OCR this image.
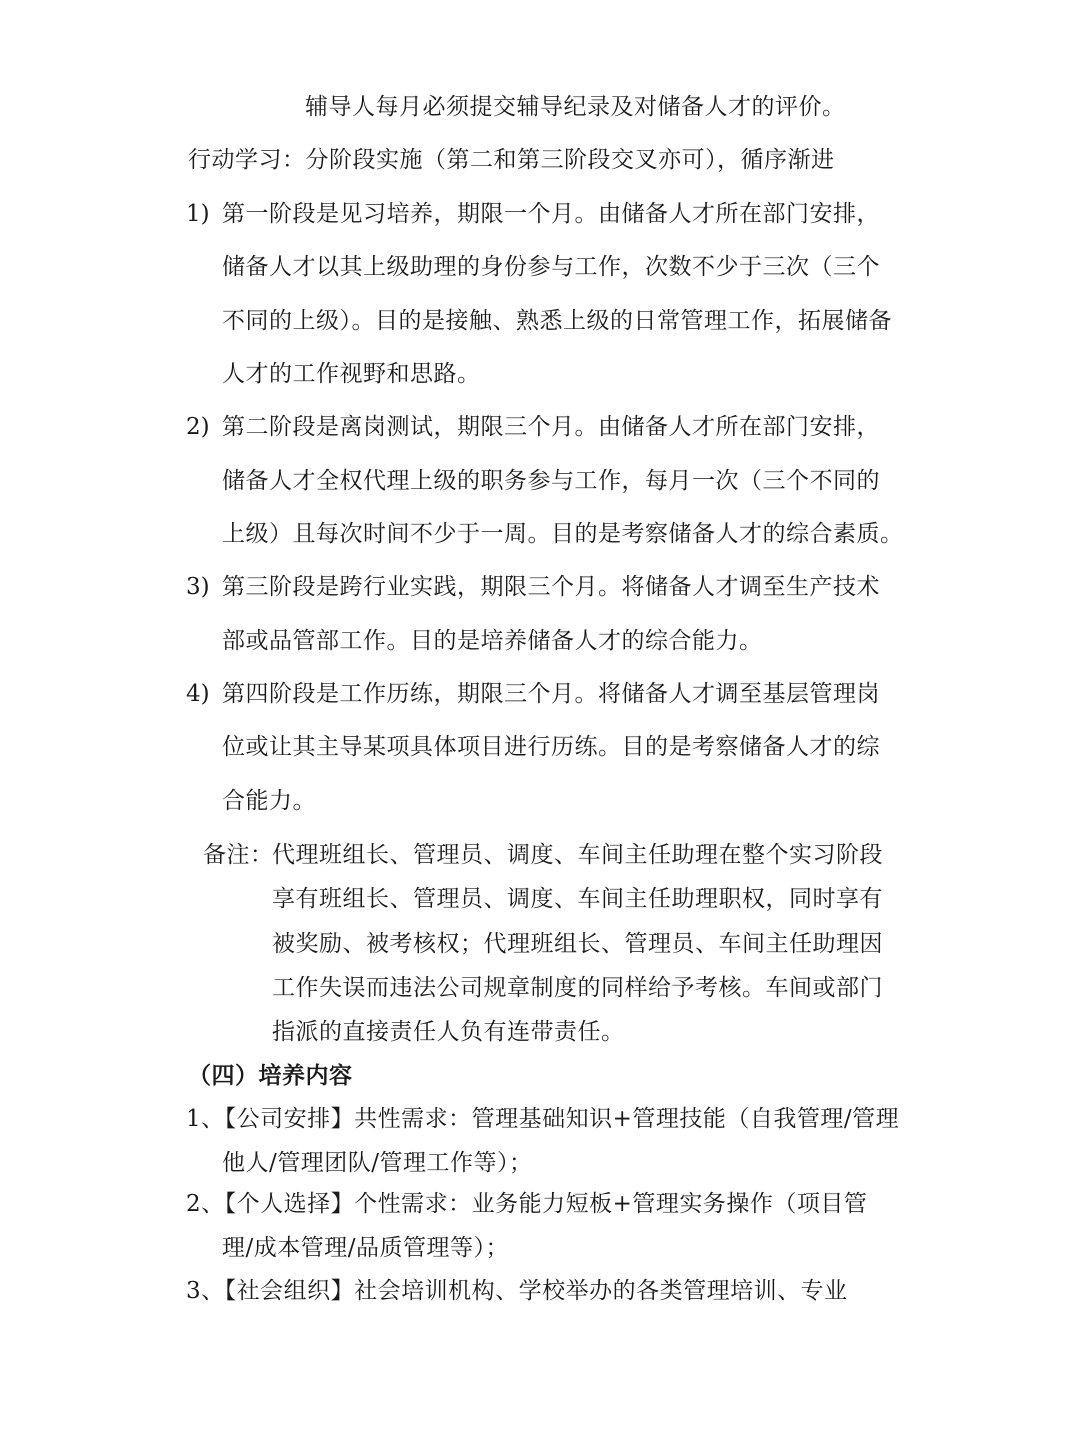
辅导人每月必须提交辅导纪录及对储备人才的评价。
行动学习：分阶段实施（第二和第三阶段交叉亦可），循序渐进
1) 第一阶段是见习培养，期限一个月。由储备人才所在部门安排，
储备人才以其上级助理的身份参与工作，次数不少于三次（三个
不同的上级）。目的是接触、熟悉上级的日常管理工作，拓展储备
人才的工作视野和思路。
2) 第二阶段是离岗测试，期限三个月。由储备人才所在部门安排，
储备人才全权代理上级的职务参与工作，每月一次（三个不同的
上级）且每次时间不少于一周。目的是考察储备人才的综合素质。
3) 第三阶段是跨行业实践，期限三个月。将储备人才调至生产技术
部或品管部工作。目的是培养储备人才的综合能力。
4) 第四阶段是工作历练，期限三个月。将储备人才调至基层管理岗
位或让其主导某项具体项目进行历练。目的是考察储备人才的综
合能力。
备注：
代理班组长、管理员、调度、车间主任助理在整个实习阶段
享有班组长、管理员、调度、车间主任助理职权，同时享有
被奖励、被考核权；代理班组长、管理员、车间主任助理因
工作失误而违法公司规章制度的同样给予考核。车间或部门
指派的直接责任人负有连带责任。
（四）培养内容
1、【公司安排】共性需求：管理基础知识+管理技能（自我管理/管理
他人/管理团队/管理工作等）；
2、【个人选择】个性需求：业务能力短板+管理实务操作（项目管
理/成本管理/品质管理等）；
3、【社会组织】社会培训机构、学校举办的各类管理培训、专业
